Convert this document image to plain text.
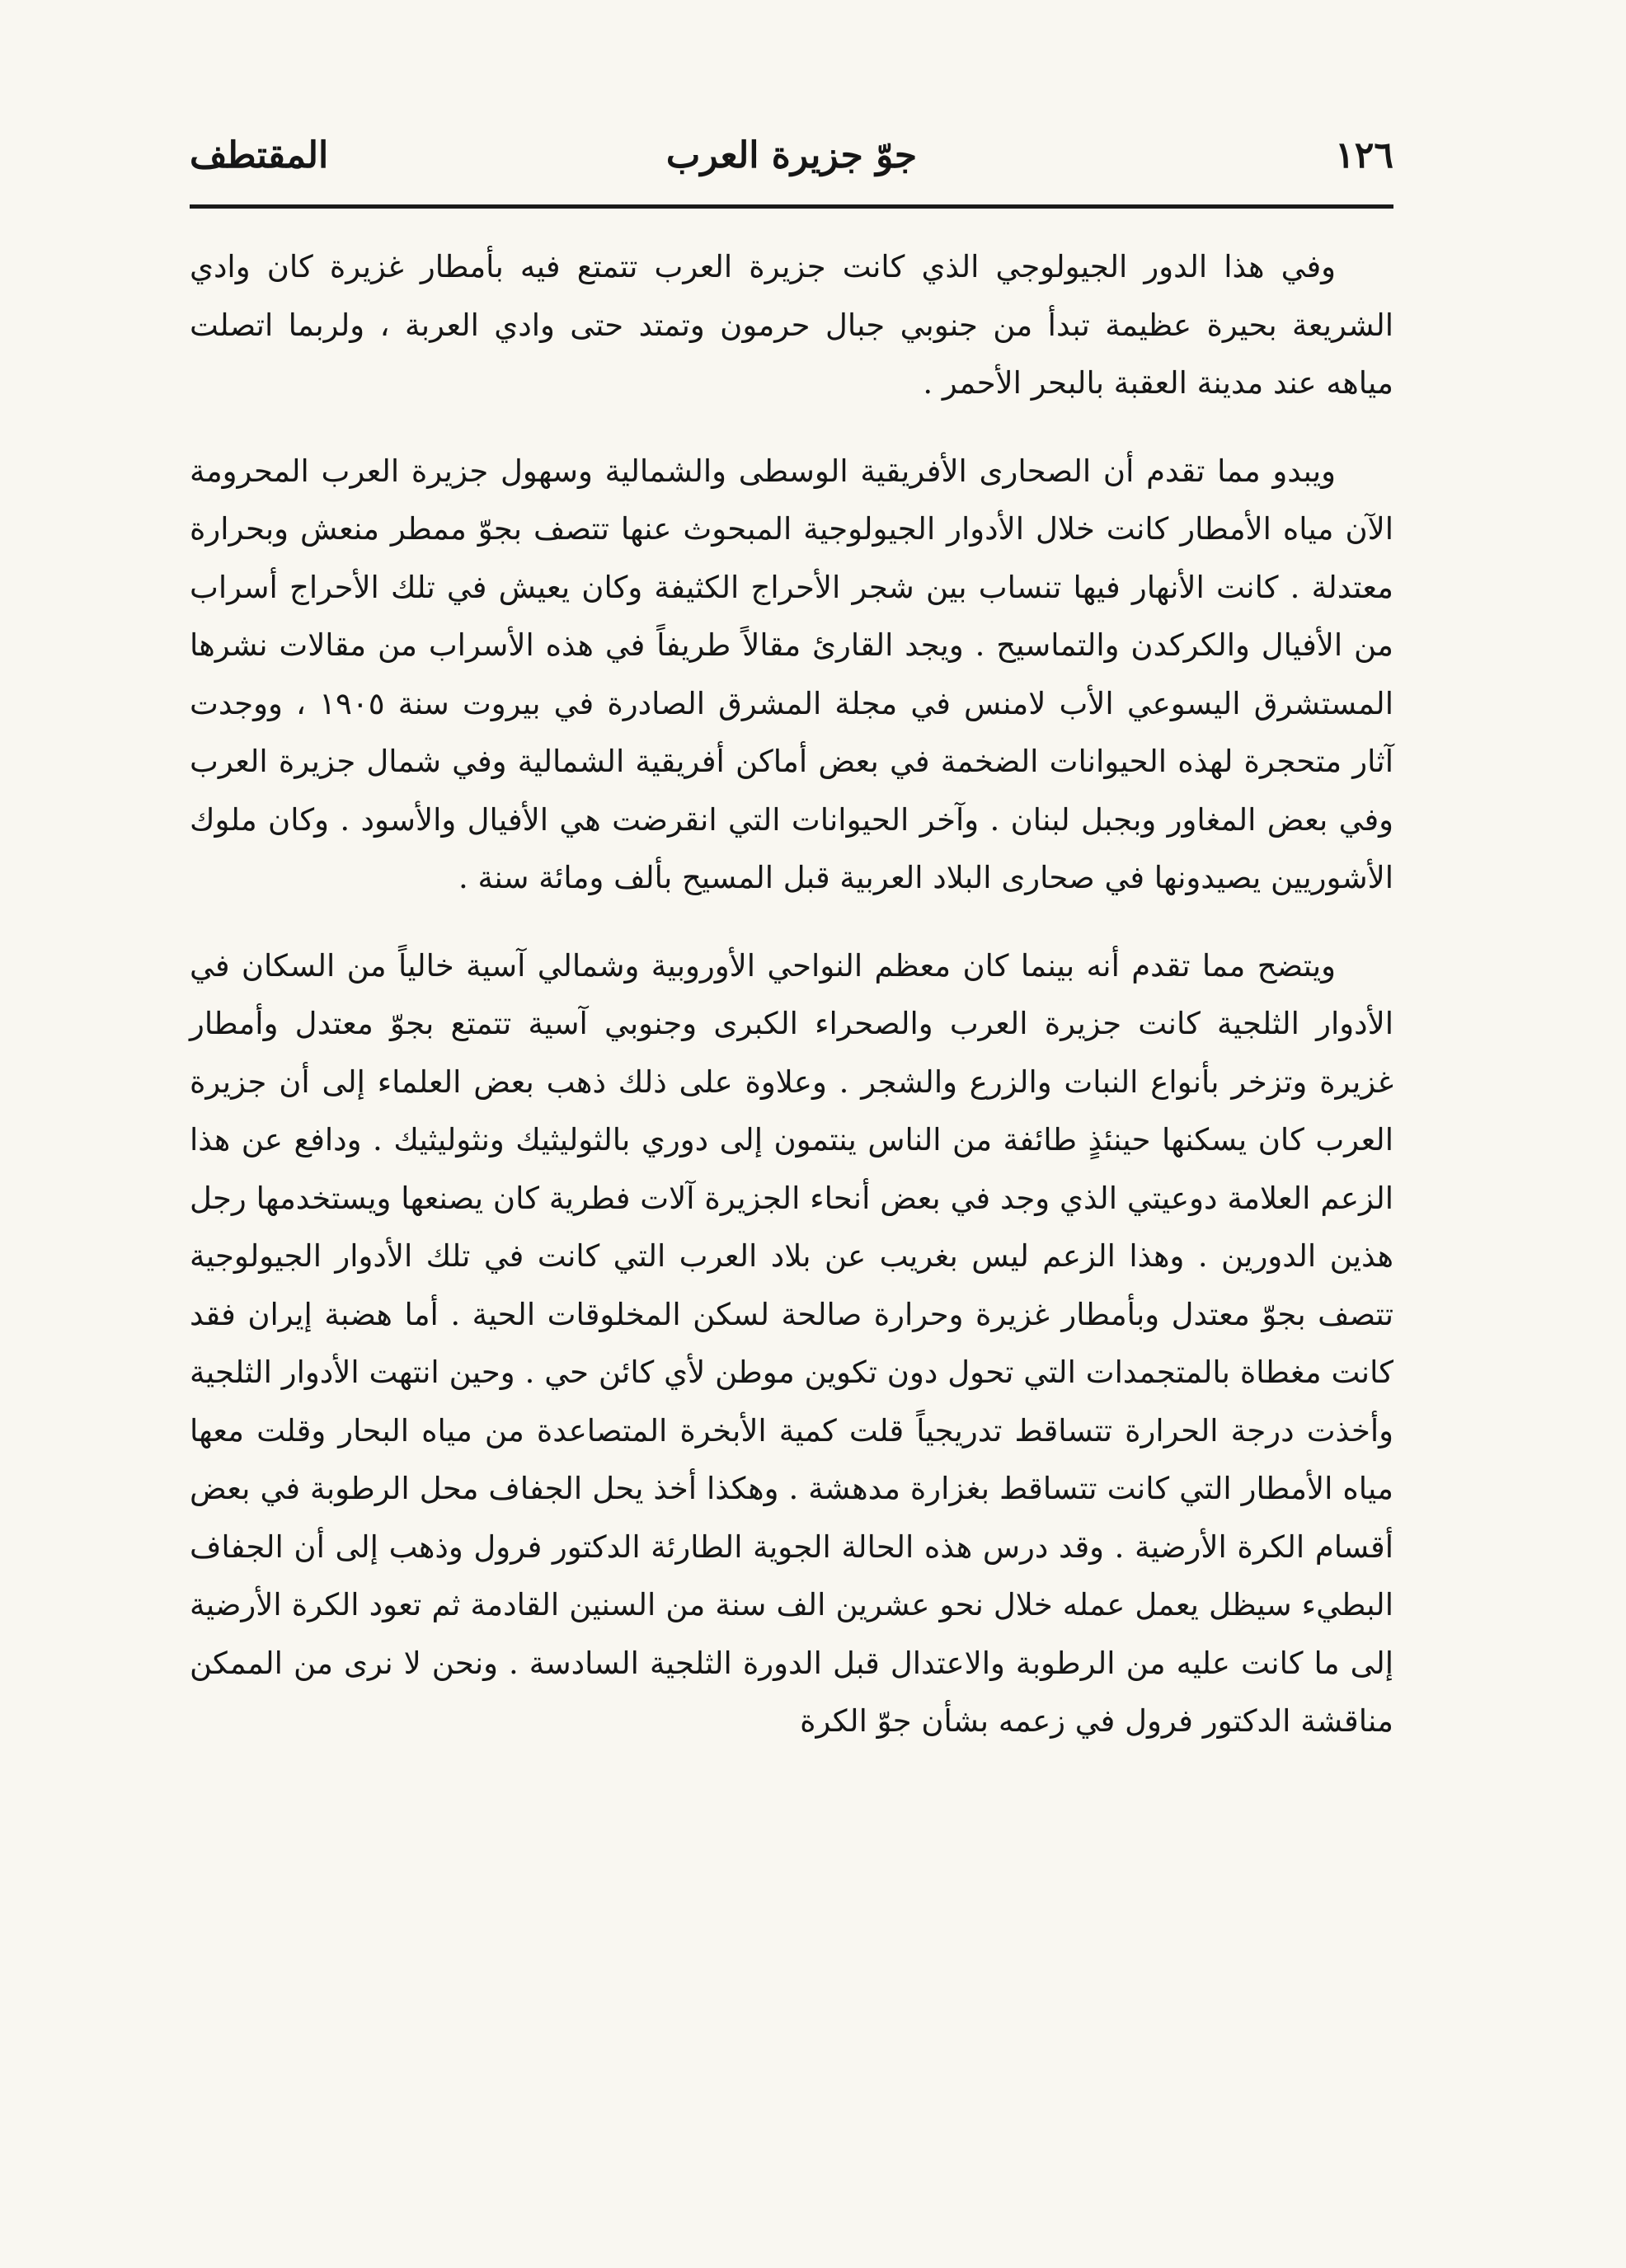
١٢٦
جوّ جزيرة العرب
المقتطف

وفي هذا الدور الجيولوجي الذي كانت جزيرة العرب تتمتع فيه بأمطار غزيرة كان وادي الشريعة بحيرة عظيمة تبدأ من جنوبي جبال حرمون وتمتد حتى وادي العربة ، ولربما اتصلت مياهه عند مدينة العقبة بالبحر الأحمر .

ويبدو مما تقدم أن الصحارى الأفريقية الوسطى والشمالية وسهول جزيرة العرب المحرومة الآن مياه الأمطار كانت خلال الأدوار الجيولوجية المبحوث عنها تتصف بجوّ ممطر منعش وبحرارة معتدلة . كانت الأنهار فيها تنساب بين شجر الأحراج الكثيفة وكان يعيش في تلك الأحراج أسراب من الأفيال والكركدن والتماسيح . ويجد القارئ مقالاً طريفاً في هذه الأسراب من مقالات نشرها المستشرق اليسوعي الأب لامنس في مجلة المشرق الصادرة في بيروت سنة ١٩٠٥ ، ووجدت آثار متحجرة لهذه الحيوانات الضخمة في بعض أماكن أفريقية الشمالية وفي شمال جزيرة العرب وفي بعض المغاور وبجبل لبنان . وآخر الحيوانات التي انقرضت هي الأفيال والأسود . وكان ملوك الأشوريين يصيدونها في صحارى البلاد العربية قبل المسيح بألف ومائة سنة .

ويتضح مما تقدم أنه بينما كان معظم النواحي الأوروبية وشمالي آسية خالياً من السكان في الأدوار الثلجية كانت جزيرة العرب والصحراء الكبرى وجنوبي آسية تتمتع بجوّ معتدل وأمطار غزيرة وتزخر بأنواع النبات والزرع والشجر . وعلاوة على ذلك ذهب بعض العلماء إلى أن جزيرة العرب كان يسكنها حينئذٍ طائفة من الناس ينتمون إلى دوري بالثوليثيك ونثوليثيك . ودافع عن هذا الزعم العلامة دوعيتي الذي وجد في بعض أنحاء الجزيرة آلات فطرية كان يصنعها ويستخدمها رجل هذين الدورين . وهذا الزعم ليس بغريب عن بلاد العرب التي كانت في تلك الأدوار الجيولوجية تتصف بجوّ معتدل وبأمطار غزيرة وحرارة صالحة لسكن المخلوقات الحية . أما هضبة إيران فقد كانت مغطاة بالمتجمدات التي تحول دون تكوين موطن لأي كائن حي . وحين انتهت الأدوار الثلجية وأخذت درجة الحرارة تتساقط تدريجياً قلت كمية الأبخرة المتصاعدة من مياه البحار وقلت معها مياه الأمطار التي كانت تتساقط بغزارة مدهشة . وهكذا أخذ يحل الجفاف محل الرطوبة في بعض أقسام الكرة الأرضية . وقد درس هذه الحالة الجوية الطارئة الدكتور فرول وذهب إلى أن الجفاف البطيء سيظل يعمل عمله خلال نحو عشرين الف سنة من السنين القادمة ثم تعود الكرة الأرضية إلى ما كانت عليه من الرطوبة والاعتدال قبل الدورة الثلجية السادسة . ونحن لا نرى من الممكن مناقشة الدكتور فرول في زعمه بشأن جوّ الكرة
